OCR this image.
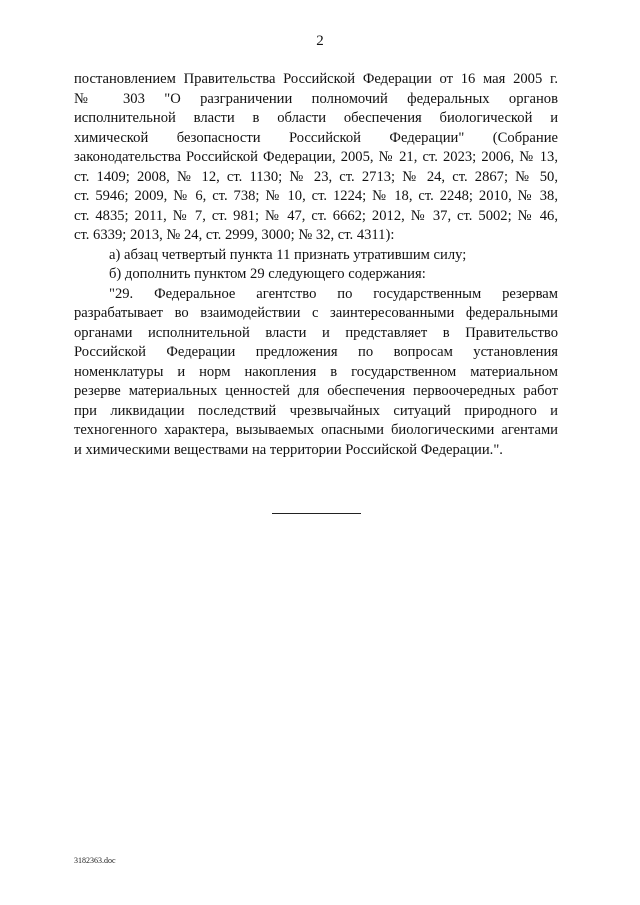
2
постановлением Правительства Российской Федерации от 16 мая 2005 г.
№ 303 "О разграничении полномочий федеральных органов
исполнительной власти в области обеспечения биологической и
химической безопасности Российской Федерации" (Собрание
законодательства Российской Федерации, 2005, № 21, ст. 2023; 2006, № 13,
ст. 1409; 2008, № 12, ст. 1130; № 23, ст. 2713; № 24, ст. 2867; № 50,
ст. 5946; 2009, № 6, ст. 738; № 10, ст. 1224; № 18, ст. 2248; 2010, № 38,
ст. 4835; 2011, № 7, ст. 981; № 47, ст. 6662; 2012, № 37, ст. 5002; № 46,
ст. 6339; 2013, № 24, ст. 2999, 3000; № 32, ст. 4311):
а) абзац четвертый пункта 11 признать утратившим силу;
б) дополнить пунктом 29 следующего содержания:
"29. Федеральное агентство по государственным резервам
разрабатывает во взаимодействии с заинтересованными федеральными
органами исполнительной власти и представляет в Правительство
Российской Федерации предложения по вопросам установления
номенклатуры и норм накопления в государственном материальном
резерве материальных ценностей для обеспечения первоочередных работ
при ликвидации последствий чрезвычайных ситуаций природного и
техногенного характера, вызываемых опасными биологическими агентами
и химическими веществами на территории Российской Федерации.".
3182363.doc
